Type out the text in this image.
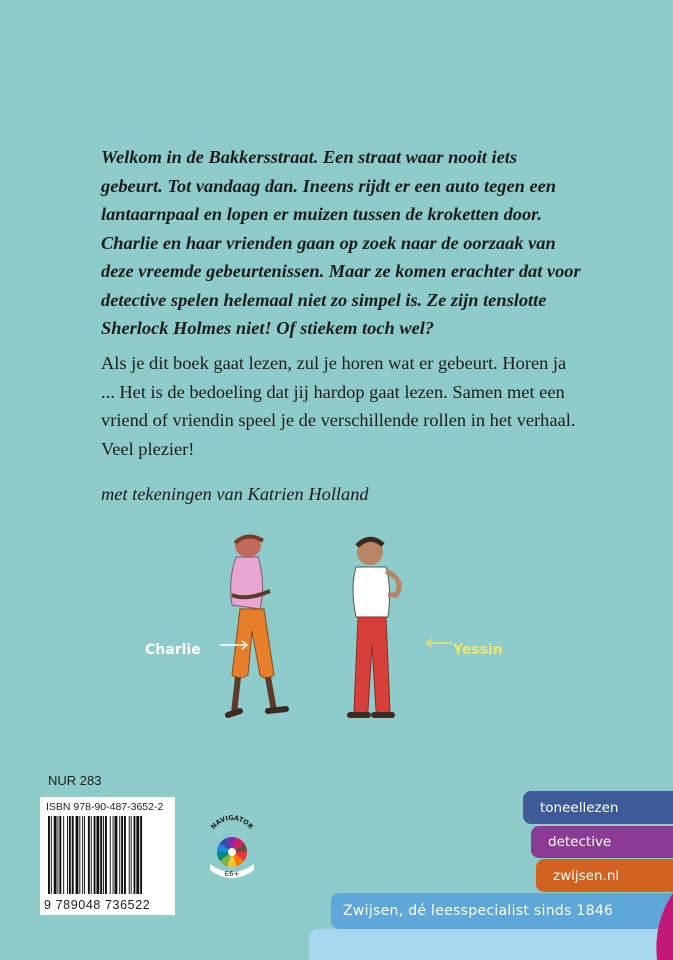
Welkom in de Bakkersstraat. Een straat waar nooit iets gebeurt. Tot vandaag dan. Ineens rijdt er een auto tegen een lantaarnpaal en lopen er muizen tussen de kroketten door. Charlie en haar vrienden gaan op zoek naar de oorzaak van deze vreemde gebeurtenissen. Maar ze komen erachter dat voor detective spelen helemaal niet zo simpel is. Ze zijn tenslotte Sherlock Holmes niet! Of stiekem toch wel?

Als je dit boek gaat lezen, zul je horen wat er gebeurt. Horen ja ... Het is de bedoeling dat jij hardop gaat lezen. Samen met een vriend of vriendin speel je de verschillende rollen in het verhaal. Veel plezier!

met tekeningen van Katrien Holland

Charlie	Yessin
NUR 283
ISBN 978-90-487-3652-2
9 789048 736522
NAVIGATOR
E6+
toneellezen
detective
zwijsen.nl
Zwijsen, dé leesspecialist sinds 1846
